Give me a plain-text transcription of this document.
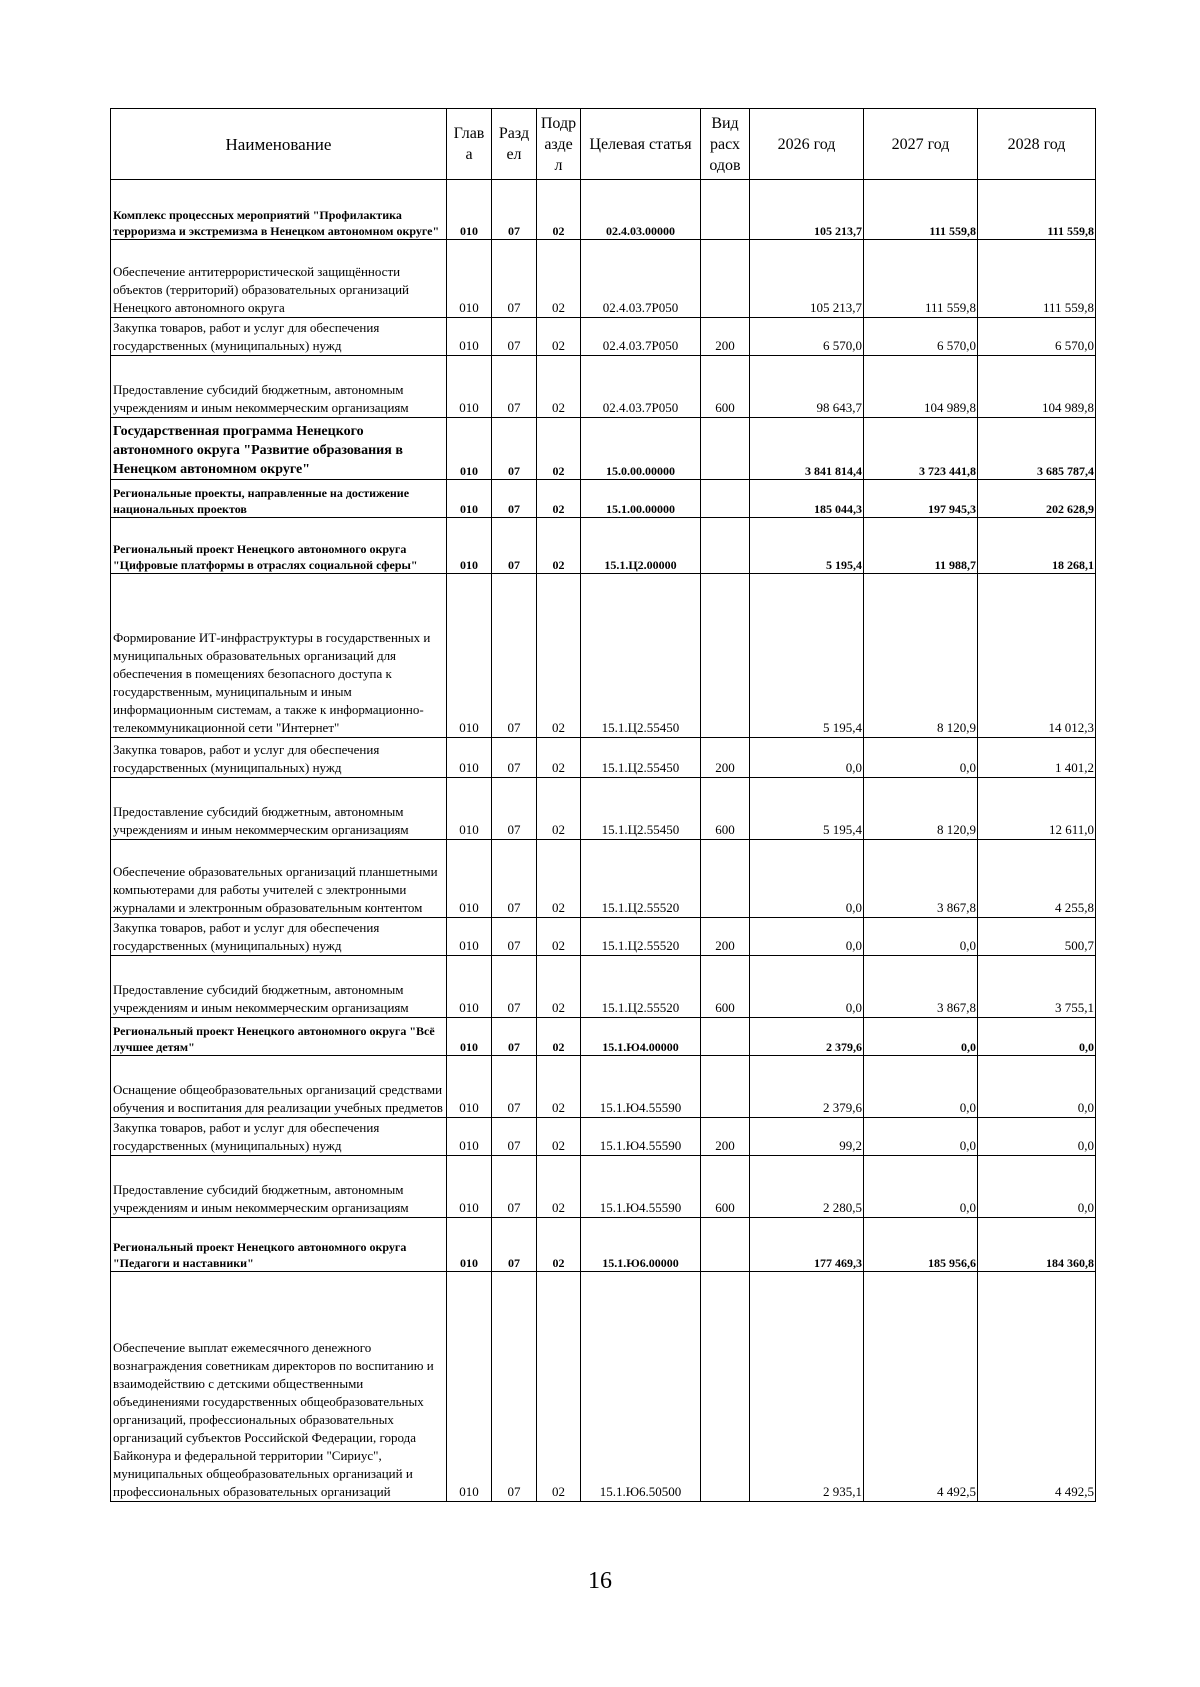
Наименование	Глав а	Разд ел	Подр азде л	Целевая статья	Вид расх одов	2026 год	2027 год	2028 год
Комплекс процессных мероприятий "Профилактика терроризма и экстремизма в Ненецком автономном округе"	010	07	02	02.4.03.00000		105 213,7	111 559,8	111 559,8
Обеспечение антитеррористической защищённости объектов (территорий) образовательных организаций Ненецкого автономного округа	010	07	02	02.4.03.7Р050		105 213,7	111 559,8	111 559,8
Закупка товаров, работ и услуг для обеспечения государственных (муниципальных) нужд	010	07	02	02.4.03.7Р050	200	6 570,0	6 570,0	6 570,0
Предоставление субсидий бюджетным, автономным учреждениям и иным некоммерческим организациям	010	07	02	02.4.03.7Р050	600	98 643,7	104 989,8	104 989,8
Государственная программа Ненецкого автономного округа "Развитие образования в Ненецком автономном округе"	010	07	02	15.0.00.00000		3 841 814,4	3 723 441,8	3 685 787,4
Региональные проекты, направленные на достижение национальных проектов	010	07	02	15.1.00.00000		185 044,3	197 945,3	202 628,9
Региональный проект Ненецкого автономного округа "Цифровые платформы в отраслях социальной сферы"	010	07	02	15.1.Ц2.00000		5 195,4	11 988,7	18 268,1
Формирование ИТ-инфраструктуры в государственных и муниципальных образовательных организаций для обеспечения в помещениях безопасного доступа к государственным, муниципальным и иным информационным системам, а также к информационно-телекоммуникационной сети "Интернет"	010	07	02	15.1.Ц2.55450		5 195,4	8 120,9	14 012,3
Закупка товаров, работ и услуг для обеспечения государственных (муниципальных) нужд	010	07	02	15.1.Ц2.55450	200	0,0	0,0	1 401,2
Предоставление субсидий бюджетным, автономным учреждениям и иным некоммерческим организациям	010	07	02	15.1.Ц2.55450	600	5 195,4	8 120,9	12 611,0
Обеспечение образовательных организаций планшетными компьютерами для работы учителей с электронными журналами и электронным образовательным контентом	010	07	02	15.1.Ц2.55520		0,0	3 867,8	4 255,8
Закупка товаров, работ и услуг для обеспечения государственных (муниципальных) нужд	010	07	02	15.1.Ц2.55520	200	0,0	0,0	500,7
Предоставление субсидий бюджетным, автономным учреждениям и иным некоммерческим организациям	010	07	02	15.1.Ц2.55520	600	0,0	3 867,8	3 755,1
Региональный проект Ненецкого автономного округа "Всё лучшее детям"	010	07	02	15.1.Ю4.00000		2 379,6	0,0	0,0
Оснащение общеобразовательных организаций средствами обучения и воспитания для реализации учебных предметов	010	07	02	15.1.Ю4.55590		2 379,6	0,0	0,0
Закупка товаров, работ и услуг для обеспечения государственных (муниципальных) нужд	010	07	02	15.1.Ю4.55590	200	99,2	0,0	0,0
Предоставление субсидий бюджетным, автономным учреждениям и иным некоммерческим организациям	010	07	02	15.1.Ю4.55590	600	2 280,5	0,0	0,0
Региональный проект Ненецкого автономного округа "Педагоги и наставники"	010	07	02	15.1.Ю6.00000		177 469,3	185 956,6	184 360,8
Обеспечение выплат ежемесячного денежного вознаграждения советникам директоров по воспитанию и взаимодействию с детскими общественными объединениями государственных общеобразовательных организаций, профессиональных образовательных организаций субъектов Российской Федерации, города Байконура и федеральной территории "Сириус", муниципальных общеобразовательных организаций и профессиональных образовательных организаций	010	07	02	15.1.Ю6.50500		2 935,1	4 492,5	4 492,5
16
